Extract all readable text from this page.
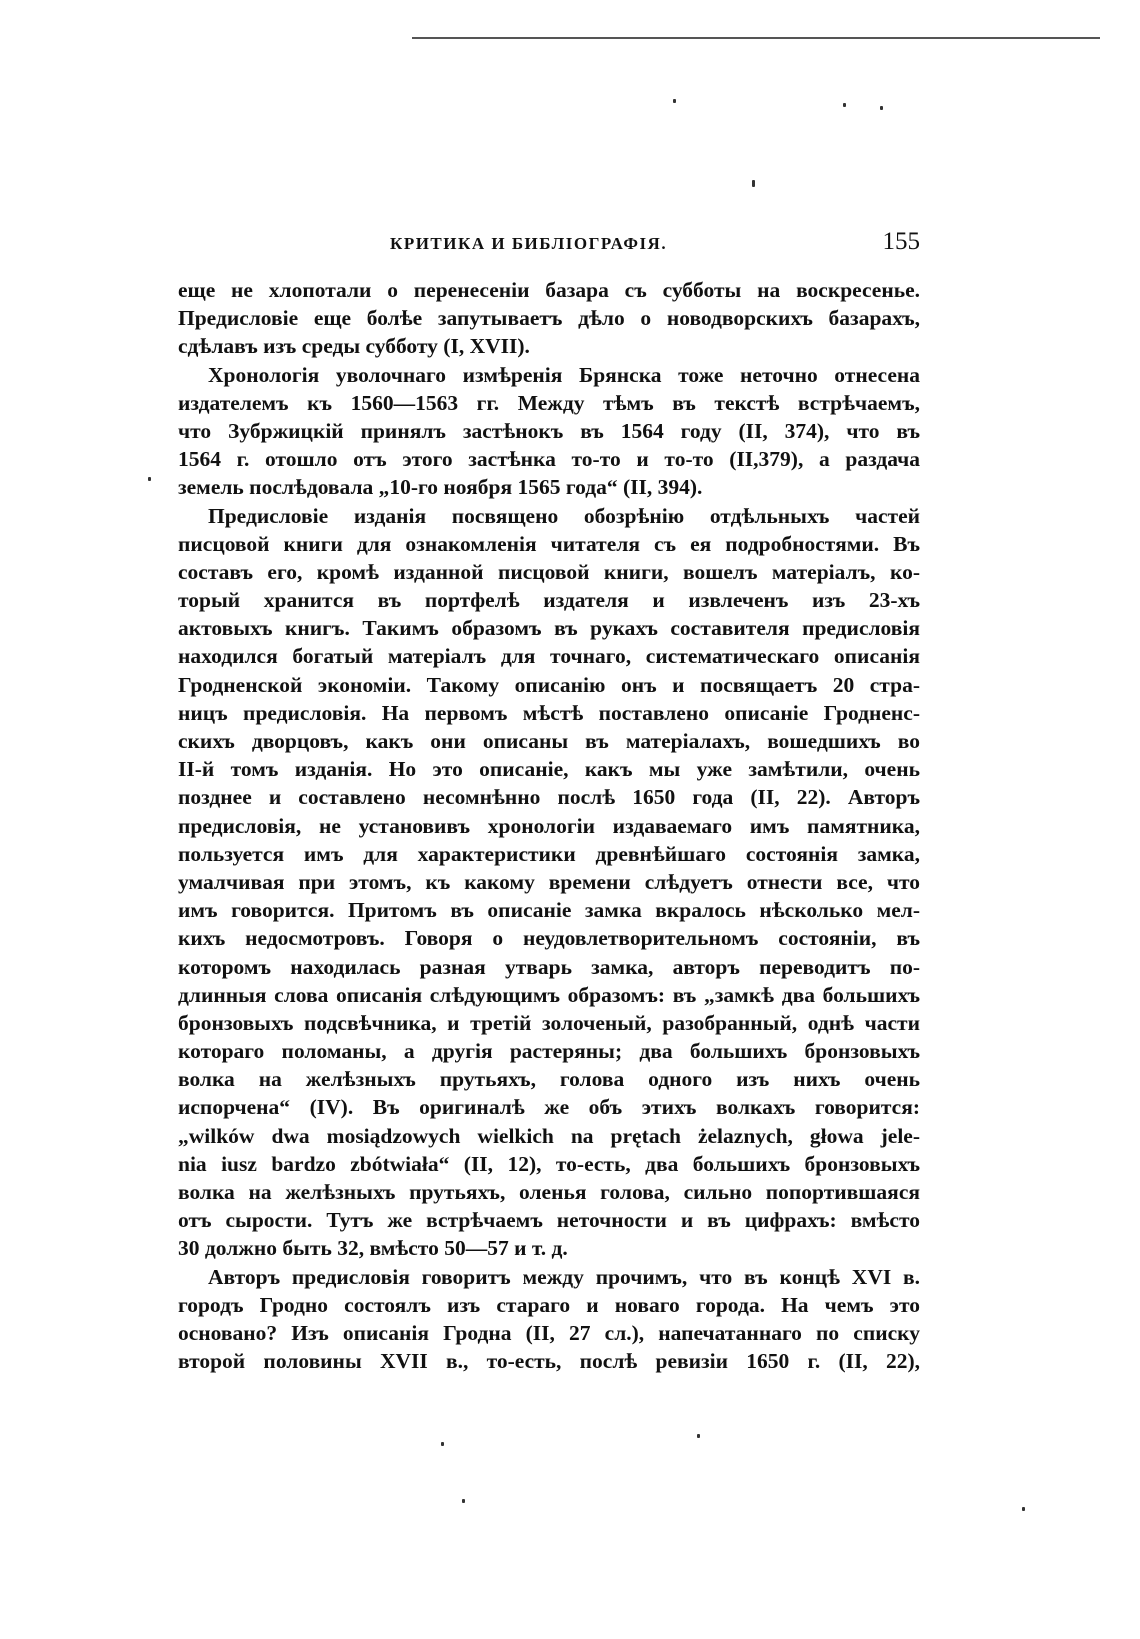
КРИТИКА И БИБЛІОГРАФІЯ.	155
еще не хлопотали о перенесеніи базара съ субботы на воскресенье.
Предисловіе еще болѣе запутываетъ дѣло о новодворскихъ базарахъ,
сдѣлавъ изъ среды субботу (I, XVII).
Хронологія уволочнаго измѣренія Брянска тоже неточно отнесена
издателемъ къ 1560—1563 гг. Между тѣмъ въ текстѣ встрѣчаемъ,
что Зубржицкій принялъ застѣнокъ въ 1564 году (II, 374), что въ
1564 г. отошло отъ этого застѣнка то-то и то-то (II,379), а раздача
земель послѣдовала „10-го ноября 1565 года“ (II, 394).
Предисловіе изданія посвящено обозрѣнію отдѣльныхъ частей
писцовой книги для ознакомленія читателя съ ея подробностями. Въ
составъ его, кромѣ изданной писцовой книги, вошелъ матеріалъ, ко-
торый хранится въ портфелѣ издателя и извлеченъ изъ 23-хъ
актовыхъ книгъ. Такимъ образомъ въ рукахъ составителя предисловія
находился богатый матеріалъ для точнаго, систематическаго описанія
Гродненской экономіи. Такому описанію онъ и посвящаетъ 20 стра-
ницъ предисловія. На первомъ мѣстѣ поставлено описаніе Гродненс-
скихъ дворцовъ, какъ они описаны въ матеріалахъ, вошедшихъ во
II-й томъ изданія. Но это описаніе, какъ мы уже замѣтили, очень
позднее и составлено несомнѣнно послѣ 1650 года (II, 22). Авторъ
предисловія, не установивъ хронологіи издаваемаго имъ памятника,
пользуется имъ для характеристики древнѣйшаго состоянія замка,
умалчивая при этомъ, къ какому времени слѣдуетъ отнести все, что
имъ говорится. Притомъ въ описаніе замка вкралось нѣсколько мел-
кихъ недосмотровъ. Говоря о неудовлетворительномъ состояніи, въ
которомъ находилась разная утварь замка, авторъ переводитъ по-
длинныя слова описанія слѣдующимъ образомъ: въ „замкѣ два большихъ
бронзовыхъ подсвѣчника, и третій золоченый, разобранный, однѣ части
котораго поломаны, а другія растеряны; два большихъ бронзовыхъ
волка на желѣзныхъ прутьяхъ, голова одного изъ нихъ очень
испорчена“ (IV). Въ оригиналѣ же объ этихъ волкахъ говорится:
„wilków dwa mosiądzowych wielkich na prętach żelaznych, głowa jele-
nia iusz bardzo zbótwiała“ (II, 12), то-есть, два большихъ бронзовыхъ
волка на желѣзныхъ прутьяхъ, оленья голова, сильно попортившаяся
отъ сырости. Тутъ же встрѣчаемъ неточности и въ цифрахъ: вмѣсто
30 должно быть 32, вмѣсто 50—57 и т. д.
Авторъ предисловія говоритъ между прочимъ, что въ концѣ XVI в.
городъ Гродно состоялъ изъ стараго и новаго города. На чемъ это
основано? Изъ описанія Гродна (II, 27 сл.), напечатаннаго по списку
второй половины XVII в., то-есть, послѣ ревизіи 1650 г. (II, 22),
